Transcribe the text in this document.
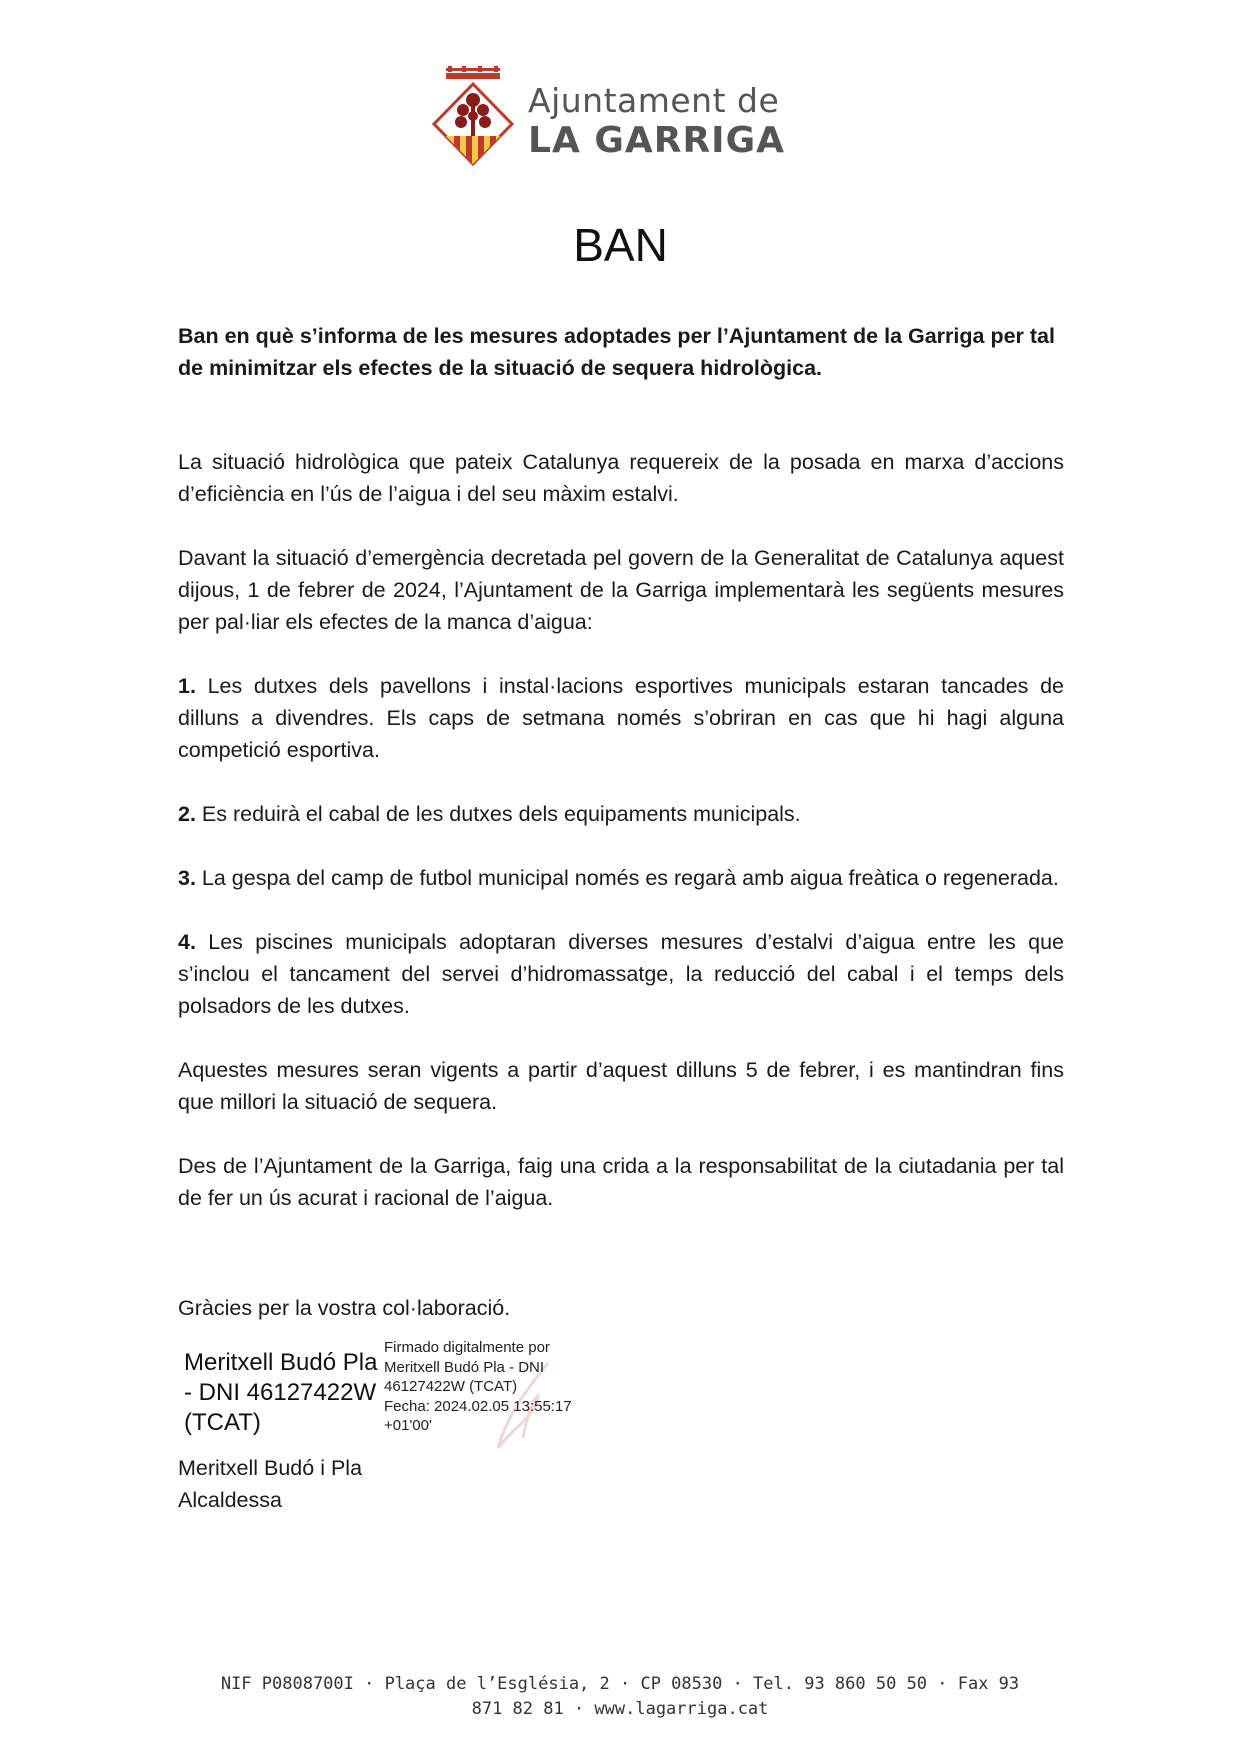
Ajuntament de
LA GARRIGA
BAN

Ban en què s’informa de les mesures adoptades per l’Ajuntament de la Garriga per tal de minimitzar els efectes de la situació de sequera hidrològica.

La situació hidrològica que pateix Catalunya requereix de la posada en marxa d’accions d’eficiència en l’ús de l’aigua i del seu màxim estalvi.

Davant la situació d’emergència decretada pel govern de la Generalitat de Catalunya aquest dijous, 1 de febrer de 2024, l’Ajuntament de la Garriga implementarà les següents mesures per pal·liar els efectes de la manca d’aigua:

1. Les dutxes dels pavellons i instal·lacions esportives municipals estaran tancades de dilluns a divendres. Els caps de setmana només s’obriran en cas que hi hagi alguna competició esportiva.

2. Es reduirà el cabal de les dutxes dels equipaments municipals.

3. La gespa del camp de futbol municipal només es regarà amb aigua freàtica o regenerada.

4. Les piscines municipals adoptaran diverses mesures d’estalvi d’aigua entre les que s’inclou el tancament del servei d’hidromassatge, la reducció del cabal i el temps dels polsadors de les dutxes.

Aquestes mesures seran vigents a partir d’aquest dilluns 5 de febrer, i es mantindran fins que millori la situació de sequera.

Des de l’Ajuntament de la Garriga, faig una crida a la responsabilitat de la ciutadania per tal de fer un ús acurat i racional de l’aigua.

Gràcies per la vostra col·laboració.
Meritxell Budó Pla
- DNI 46127422W
(TCAT)
Firmado digitalmente por
Meritxell Budó Pla - DNI
46127422W (TCAT)
Fecha: 2024.02.05 13:55:17
+01'00'
Meritxell Budó i Pla
Alcaldessa
NIF P0808700I · Plaça de l’Església, 2 · CP 08530 · Tel. 93 860 50 50 · Fax 93
871 82 81 · www.lagarriga.cat
